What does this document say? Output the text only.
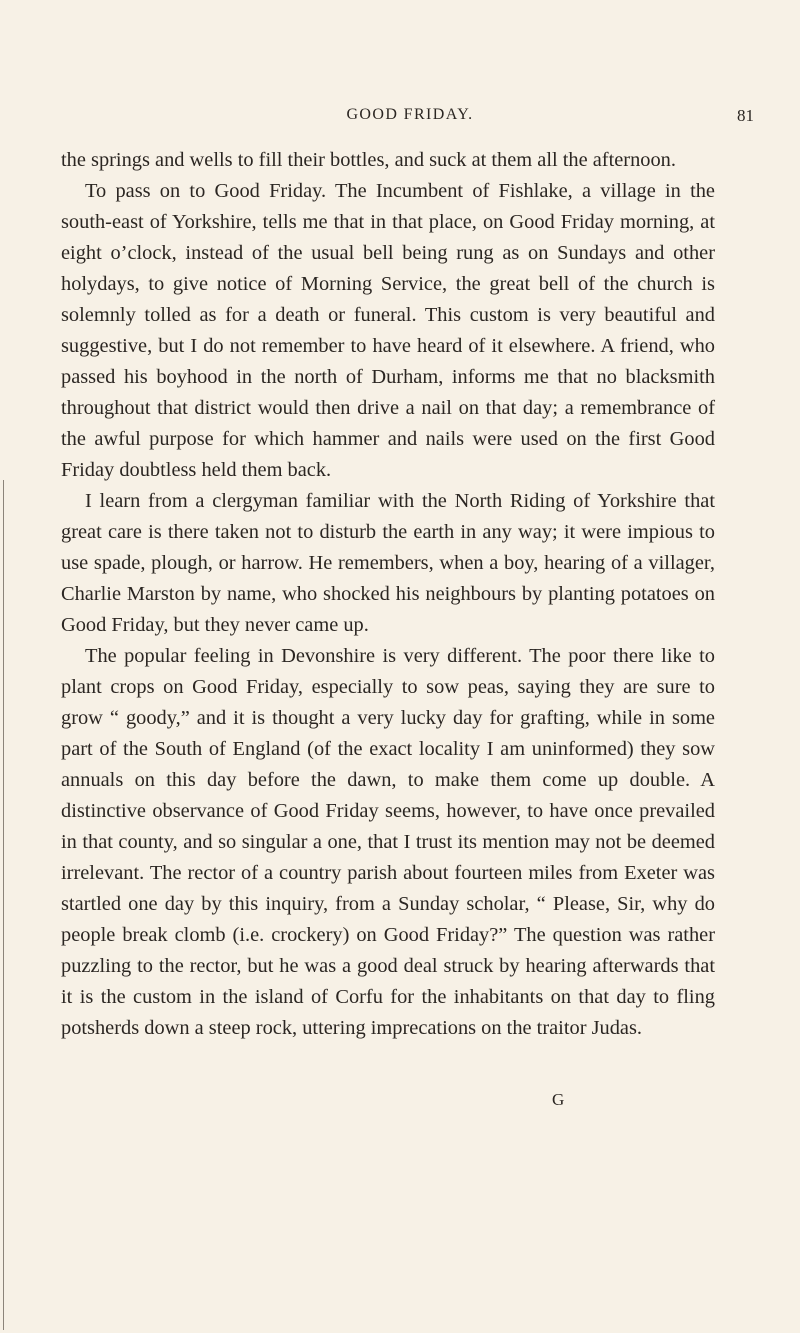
GOOD FRIDAY.	81

the springs and wells to fill their bottles, and suck at them all the afternoon.

To pass on to Good Friday. The Incumbent of Fishlake, a village in the south-east of Yorkshire, tells me that in that place, on Good Friday morning, at eight o’clock, instead of the usual bell being rung as on Sundays and other holydays, to give notice of Morning Service, the great bell of the church is solemnly tolled as for a death or funeral. This custom is very beautiful and suggestive, but I do not remember to have heard of it elsewhere. A friend, who passed his boyhood in the north of Durham, informs me that no blacksmith throughout that district would then drive a nail on that day; a remembrance of the awful purpose for which hammer and nails were used on the first Good Friday doubtless held them back.

I learn from a clergyman familiar with the North Riding of Yorkshire that great care is there taken not to disturb the earth in any way; it were impious to use spade, plough, or harrow. He remembers, when a boy, hearing of a villager, Charlie Marston by name, who shocked his neighbours by planting potatoes on Good Friday, but they never came up.

The popular feeling in Devonshire is very different. The poor there like to plant crops on Good Friday, especially to sow peas, saying they are sure to grow “ goody,” and it is thought a very lucky day for grafting, while in some part of the South of England (of the exact locality I am uninformed) they sow annuals on this day before the dawn, to make them come up double. A distinctive observance of Good Friday seems, however, to have once prevailed in that county, and so singular a one, that I trust its mention may not be deemed irrelevant. The rector of a country parish about fourteen miles from Exeter was startled one day by this inquiry, from a Sunday scholar, “ Please, Sir, why do people break clomb (i.e. crockery) on Good Friday?” The question was rather puzzling to the rector, but he was a good deal struck by hearing afterwards that it is the custom in the island of Corfu for the inhabitants on that day to fling potsherds down a steep rock, uttering imprecations on the traitor Judas.

G
